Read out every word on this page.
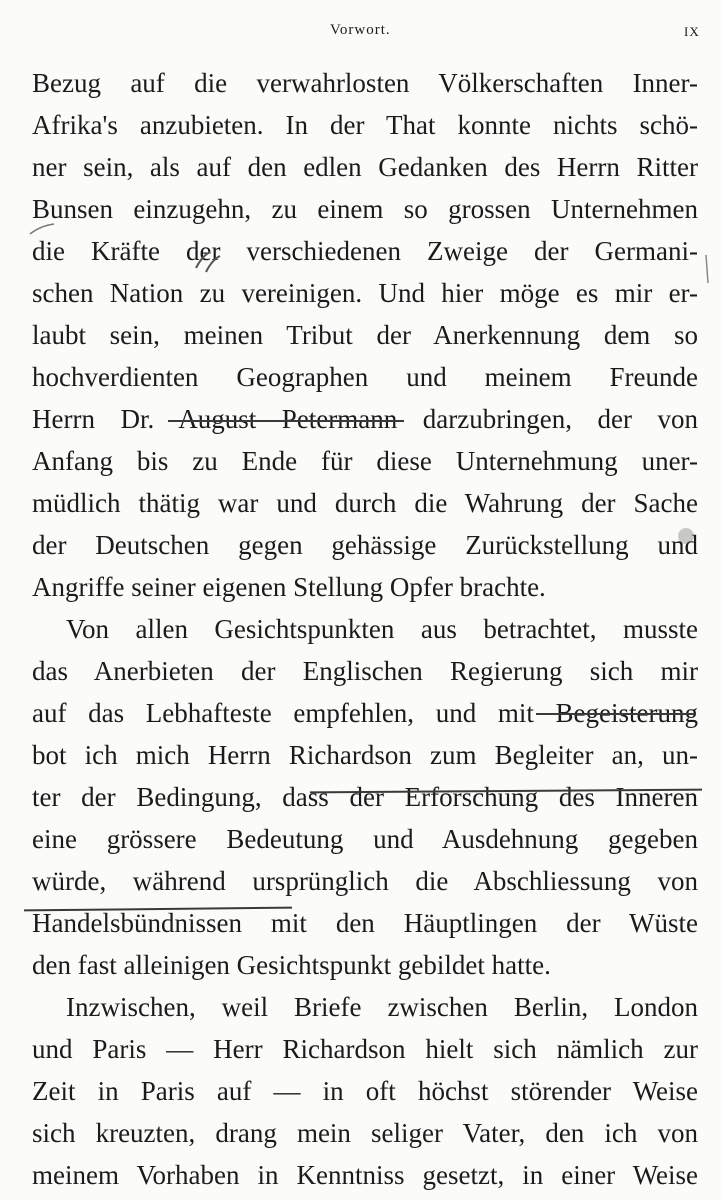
Vorwort.	IX
Bezug auf die verwahrlosten Völkerschaften Inner-
Afrika's anzubieten. In der That konnte nichts schö-
ner sein, als auf den edlen Gedanken des Herrn Ritter
Bunsen einzugehn, zu einem so grossen Unternehmen
die Kräfte der verschiedenen Zweige der Germani-
schen Nation zu vereinigen. Und hier möge es mir er-
laubt sein, meinen Tribut der Anerkennung dem so
hochverdienten Geographen und meinem Freunde
Herrn Dr. August Petermann darzubringen, der von
Anfang bis zu Ende für diese Unternehmung uner-
müdlich thätig war und durch die Wahrung der Sache
der Deutschen gegen gehässige Zurückstellung und
Angriffe seiner eigenen Stellung Opfer brachte.
Von allen Gesichtspunkten aus betrachtet, musste
das Anerbieten der Englischen Regierung sich mir
auf das Lebhafteste empfehlen, und mit Begeisterung
bot ich mich Herrn Richardson zum Begleiter an, un-
ter der Bedingung, dass der Erforschung des Inneren
eine grössere Bedeutung und Ausdehnung gegeben
würde, während ursprünglich die Abschliessung von
Handelsbündnissen mit den Häuptlingen der Wüste
den fast alleinigen Gesichtspunkt gebildet hatte.
Inzwischen, weil Briefe zwischen Berlin, London
und Paris — Herr Richardson hielt sich nämlich zur
Zeit in Paris auf — in oft höchst störender Weise
sich kreuzten, drang mein seliger Vater, den ich von
meinem Vorhaben in Kenntniss gesetzt, in einer Weise
